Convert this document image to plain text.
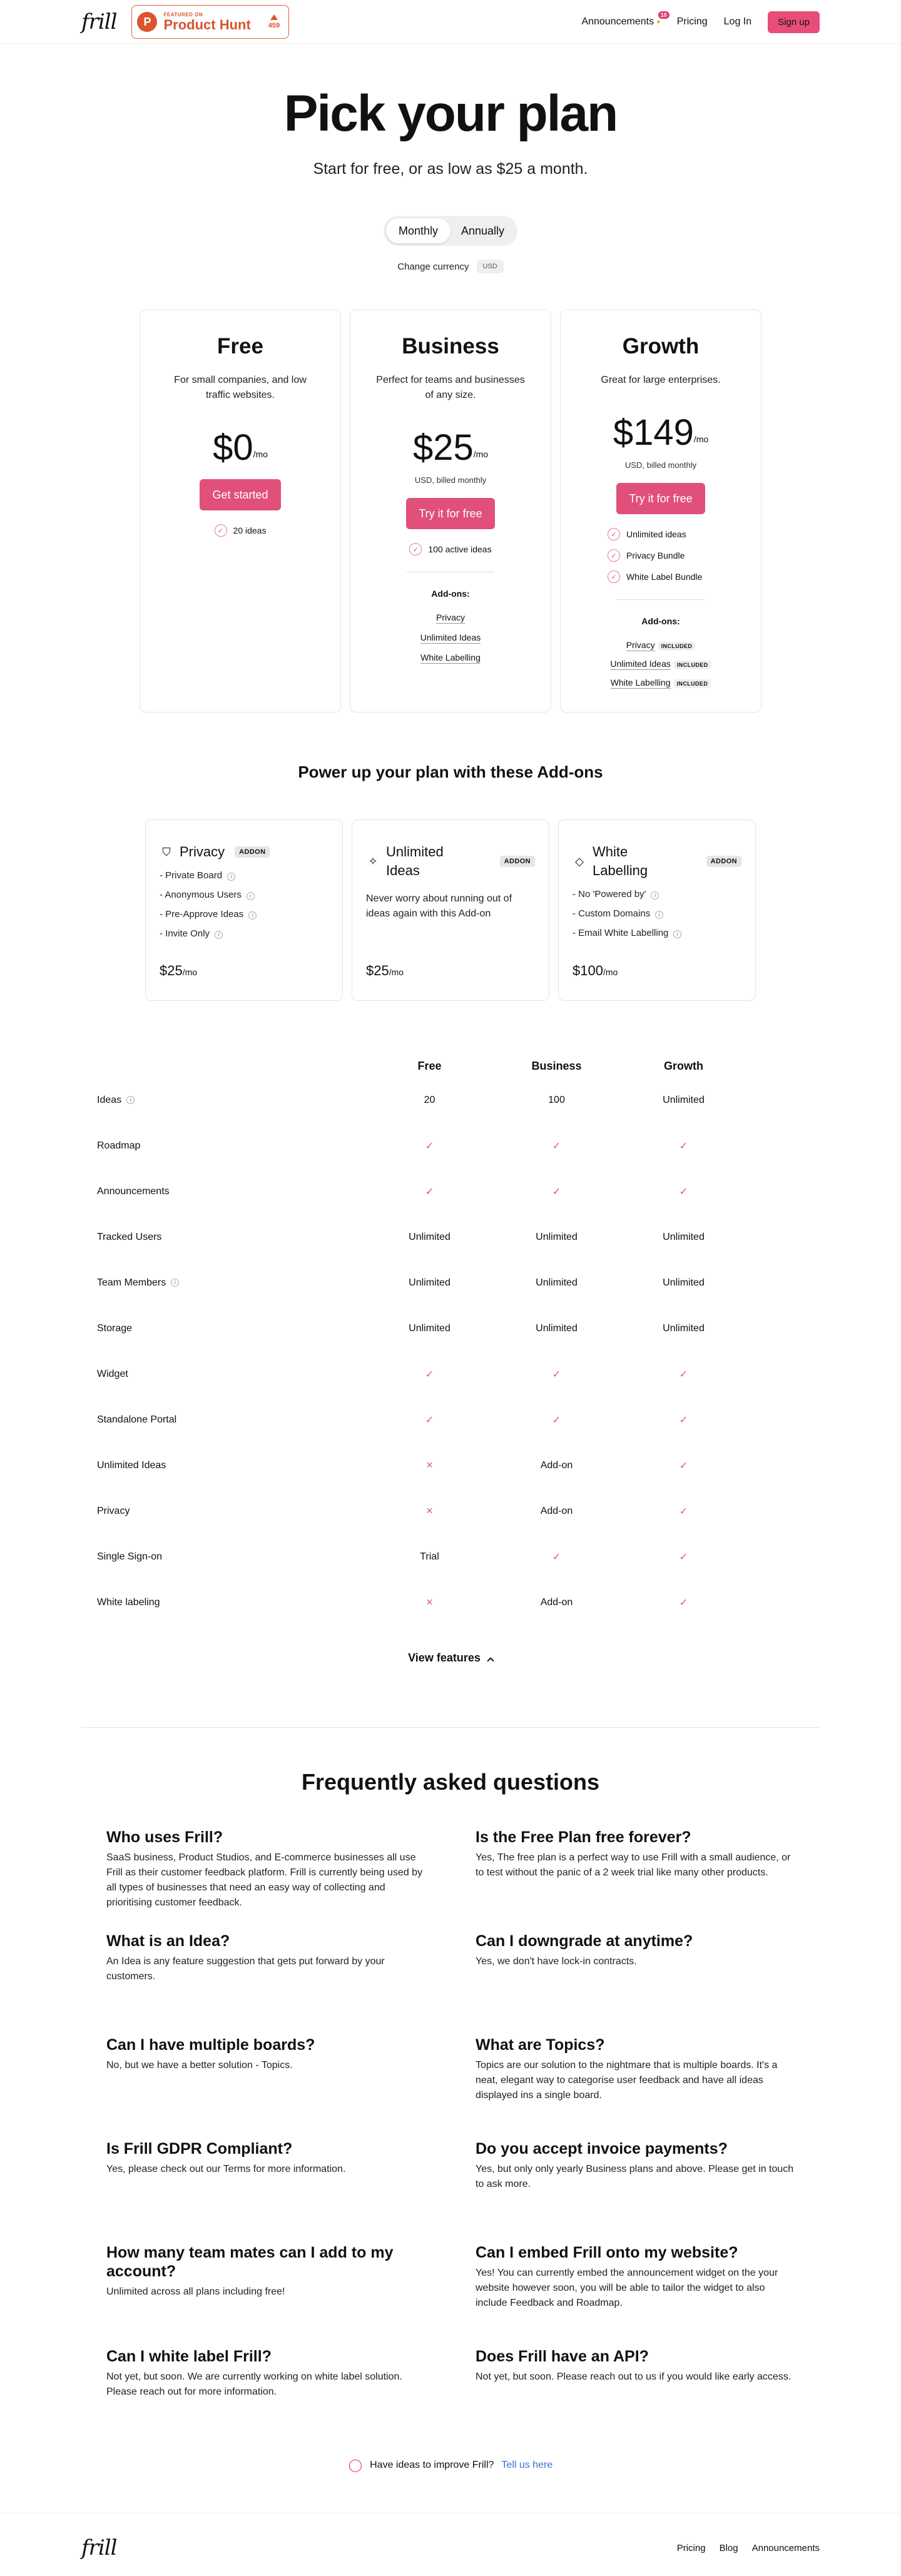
frill	P
FEATURED ON
Product Hunt	459	Announcements ●
10
Pricing Log In	Sign up
Pick your plan

Start for free, or as low as $25 a month.

Monthly	Annually
Change currency	USD
Free
For small companies, and low traffic websites.
$0 /mo
Get started
✓	20 ideas
Business
Perfect for teams and businesses of any size.
$25 /mo
USD, billed monthly
Try it for free
✓	100 active ideas
Add-ons:
Privacy
Unlimited Ideas
White Labelling
Growth
Great for large enterprises.
$149 /mo
USD, billed monthly
Try it for free
✓	Unlimited ideas
✓	Privacy Bundle
✓	White Label Bundle
Add-ons:
Privacy INCLUDED
Unlimited Ideas INCLUDED
White Labelling INCLUDED
Power up your plan with these Add-ons
⛉ Privacy	ADDON
- Private Board i
- Anonymous Users i
- Pre-Approve Ideas i
- Invite Only i
$25/mo
✧
Unlimited Ideas
ADDON
Never worry about running out of ideas again with this Add-on
$25/mo
◇
White Labelling
ADDON
- No 'Powered by' i
- Custom Domains i
- Email White Labelling i
$100/mo
Free	Business	Growth
Ideas	i	20	100	Unlimited
Roadmap	✓	✓	✓
Announcements	✓	✓	✓
Tracked Users	Unlimited	Unlimited	Unlimited
Team Members	i	Unlimited	Unlimited	Unlimited
Storage	Unlimited	Unlimited	Unlimited
Widget	✓	✓	✓
Standalone Portal	✓	✓	✓
Unlimited Ideas	×	Add-on	✓
Privacy	×	Add-on	✓
Single Sign-on	Trial	✓	✓
White labeling	×	Add-on	✓
View features
Frequently asked questions
Who uses Frill?

SaaS business, Product Studios, and E-commerce businesses all use Frill as their customer feedback platform. Frill is currently being used by all types of businesses that need an easy way of collecting and prioritising customer feedback.

Is the Free Plan free forever?

Yes, The free plan is a perfect way to use Frill with a small audience, or to test without the panic of a 2 week trial like many other products.

What is an Idea?

An Idea is any feature suggestion that gets put forward by your customers.

Can I downgrade at anytime?

Yes, we don't have lock-in contracts.

Can I have multiple boards?

No, but we have a better solution - Topics.

What are Topics?

Topics are our solution to the nightmare that is multiple boards. It's a neat, elegant way to categorise user feedback and have all ideas displayed ins a single board.

Is Frill GDPR Compliant?

Yes, please check out our Terms for more information.

Do you accept invoice payments?

Yes, but only only yearly Business plans and above. Please get in touch to ask more.

How many team mates can I add to my account?

Unlimited across all plans including free!

Can I embed Frill onto my website?

Yes! You can currently embed the announcement widget on the your website however soon, you will be able to tailor the widget to also include Feedback and Roadmap.

Can I white label Frill?

Not yet, but soon. We are currently working on white label solution. Please reach out for more information.

Does Frill have an API?

Not yet, but soon. Please reach out to us if you would like early access.

◯ Have ideas to improve Frill? Tell us here
frill	Pricing Blog Announcements
